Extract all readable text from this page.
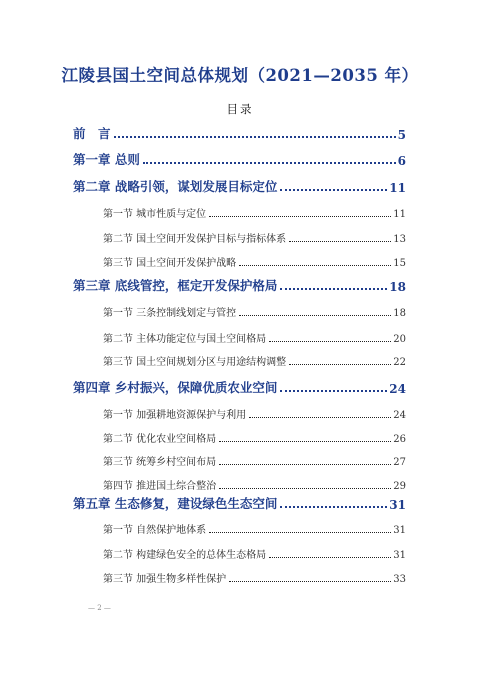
江陵县国土空间总体规划（2021—2035 年）
目录
前　言	5
第一章 总则	6
第二章 战略引领，谋划发展目标定位	11
第一节 城市性质与定位	11
第二节 国土空间开发保护目标与指标体系	13
第三节 国土空间开发保护战略	15
第三章 底线管控，框定开发保护格局	18
第一节 三条控制线划定与管控	18
第二节 主体功能定位与国土空间格局	20
第三节 国土空间规划分区与用途结构调整	22
第四章 乡村振兴，保障优质农业空间	24
第一节 加强耕地资源保护与利用	24
第二节 优化农业空间格局	26
第三节 统筹乡村空间布局	27
第四节 推进国土综合整治	29
第五章 生态修复，建设绿色生态空间	31
第一节 自然保护地体系	31
第二节 构建绿色安全的总体生态格局	31
第三节 加强生物多样性保护	33
— 2 —
